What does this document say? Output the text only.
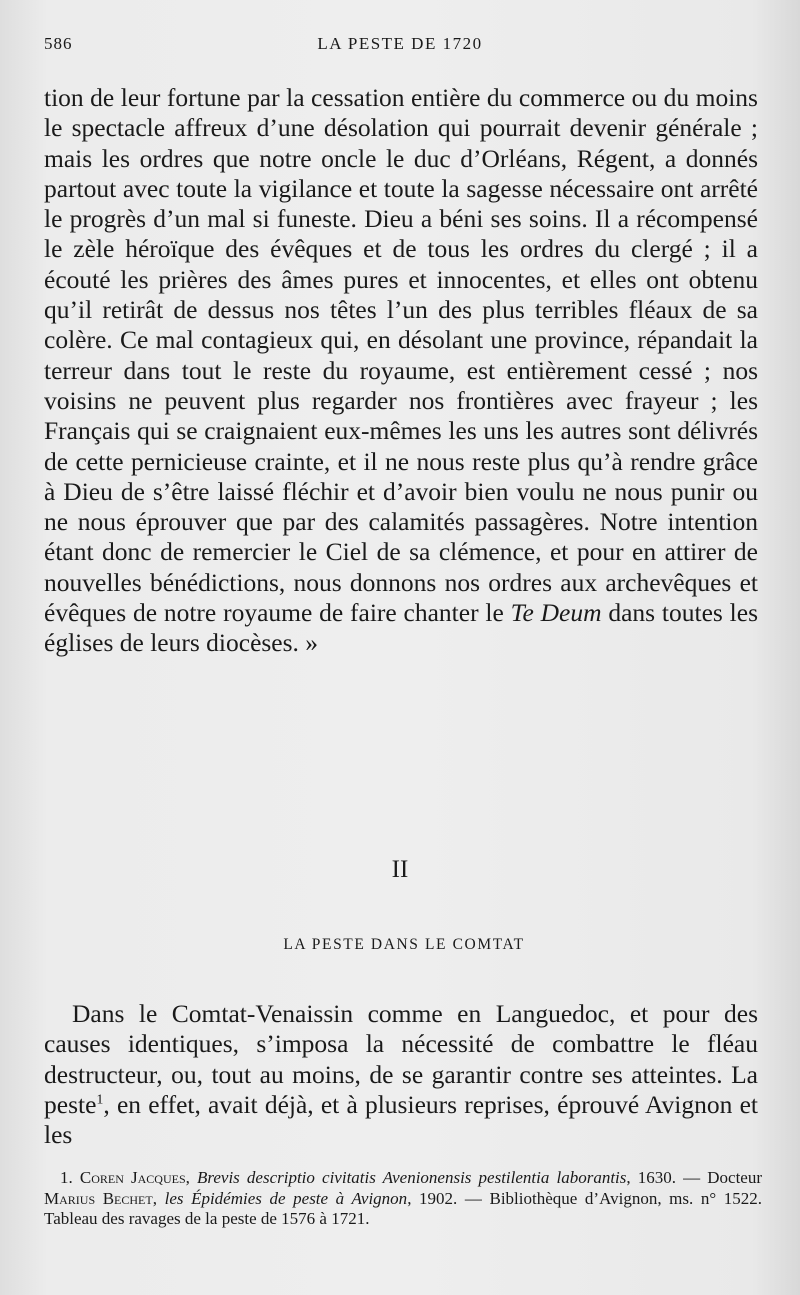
586	LA PESTE DE 1720
tion de leur fortune par la cessation entière du commerce ou du moins le spectacle affreux d’une désolation qui pourrait devenir générale ; mais les ordres que notre oncle le duc d’Orléans, Régent, a donnés partout avec toute la vigilance et toute la sagesse nécessaire ont arrêté le progrès d’un mal si funeste. Dieu a béni ses soins. Il a récompensé le zèle héroïque des évêques et de tous les ordres du clergé ; il a écouté les prières des âmes pures et innocentes, et elles ont obtenu qu’il retirât de dessus nos têtes l’un des plus terribles fléaux de sa colère. Ce mal contagieux qui, en désolant une province, répandait la terreur dans tout le reste du royaume, est entièrement cessé ; nos voisins ne peuvent plus regarder nos frontières avec frayeur ; les Français qui se craignaient eux-mêmes les uns les autres sont délivrés de cette pernicieuse crainte, et il ne nous reste plus qu’à rendre grâce à Dieu de s’être laissé fléchir et d’avoir bien voulu ne nous punir ou ne nous éprouver que par des calamités passagères. Notre intention étant donc de remercier le Ciel de sa clémence, et pour en attirer de nouvelles bénédictions, nous donnons nos ordres aux archevêques et évêques de notre royaume de faire chanter le Te Deum dans toutes les églises de leurs diocèses. »
II
LA PESTE DANS LE COMTAT
Dans le Comtat-Venaissin comme en Languedoc, et pour des causes identiques, s’imposa la nécessité de combattre le fléau destructeur, ou, tout au moins, de se garantir contre ses atteintes. La peste$^1$, en effet, avait déjà, et à plusieurs reprises, éprouvé Avignon et les
1. Coren Jacques, Brevis descriptio civitatis Avenionensis pestilentia laborantis, 1630. — Docteur Marius Bechet, les Épidémies de peste à Avignon, 1902. — Bibliothèque d’Avignon, ms. n° 1522. Tableau des ravages de la peste de 1576 à 1721.
